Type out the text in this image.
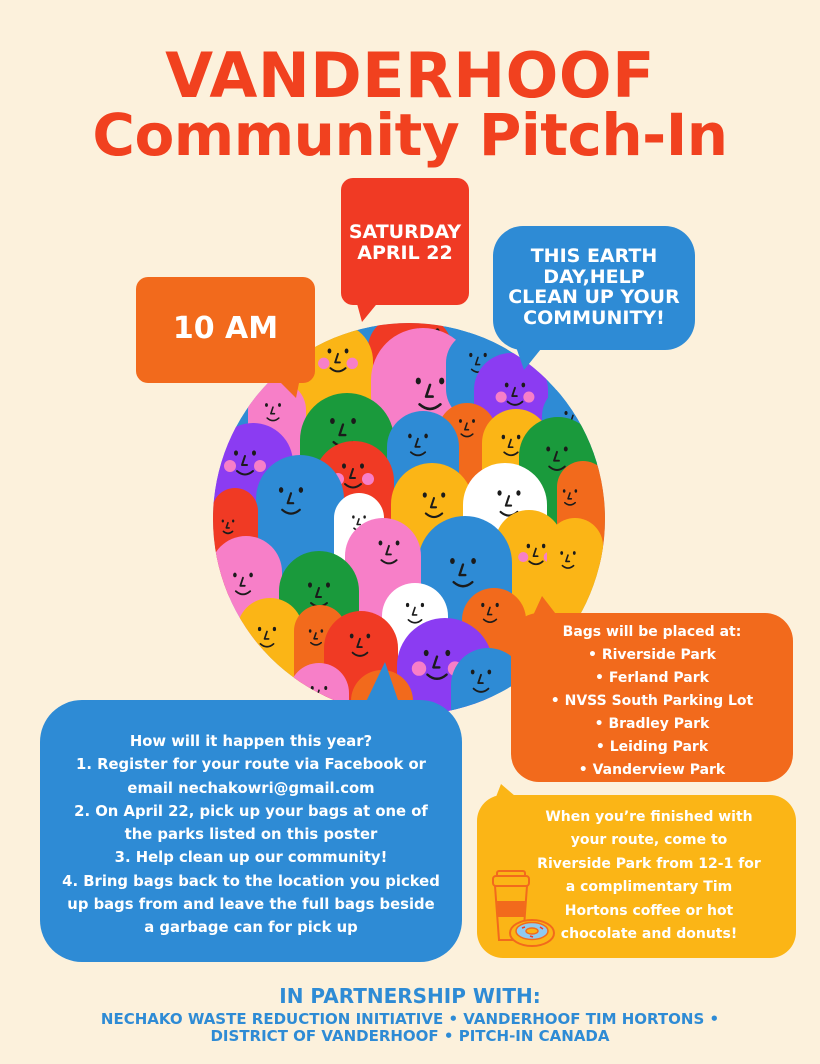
VANDERHOOF
Community Pitch-In
SATURDAY
APRIL 22
10 AM
THIS EARTH
DAY,HELP
CLEAN UP YOUR
COMMUNITY!
Bags will be placed at:
• Riverside Park
• Ferland Park
• NVSS South Parking Lot
• Bradley Park
• Leiding Park
• Vanderview Park
How will it happen this year?
1. Register for your route via Facebook or
email nechakowri@gmail.com
2. On April 22, pick up your bags at one of
the parks listed on this poster
3. Help clean up our community!
4. Bring bags back to the location you picked
up bags from and leave the full bags beside
a garbage can for pick up
When you’re finished with
your route, come to
Riverside Park from 12-1 for
a complimentary Tim
Hortons coffee or hot
chocolate and donuts!
IN PARTNERSHIP WITH:
NECHAKO WASTE REDUCTION INITIATIVE • VANDERHOOF TIM HORTONS •
DISTRICT OF VANDERHOOF • PITCH-IN CANADA
